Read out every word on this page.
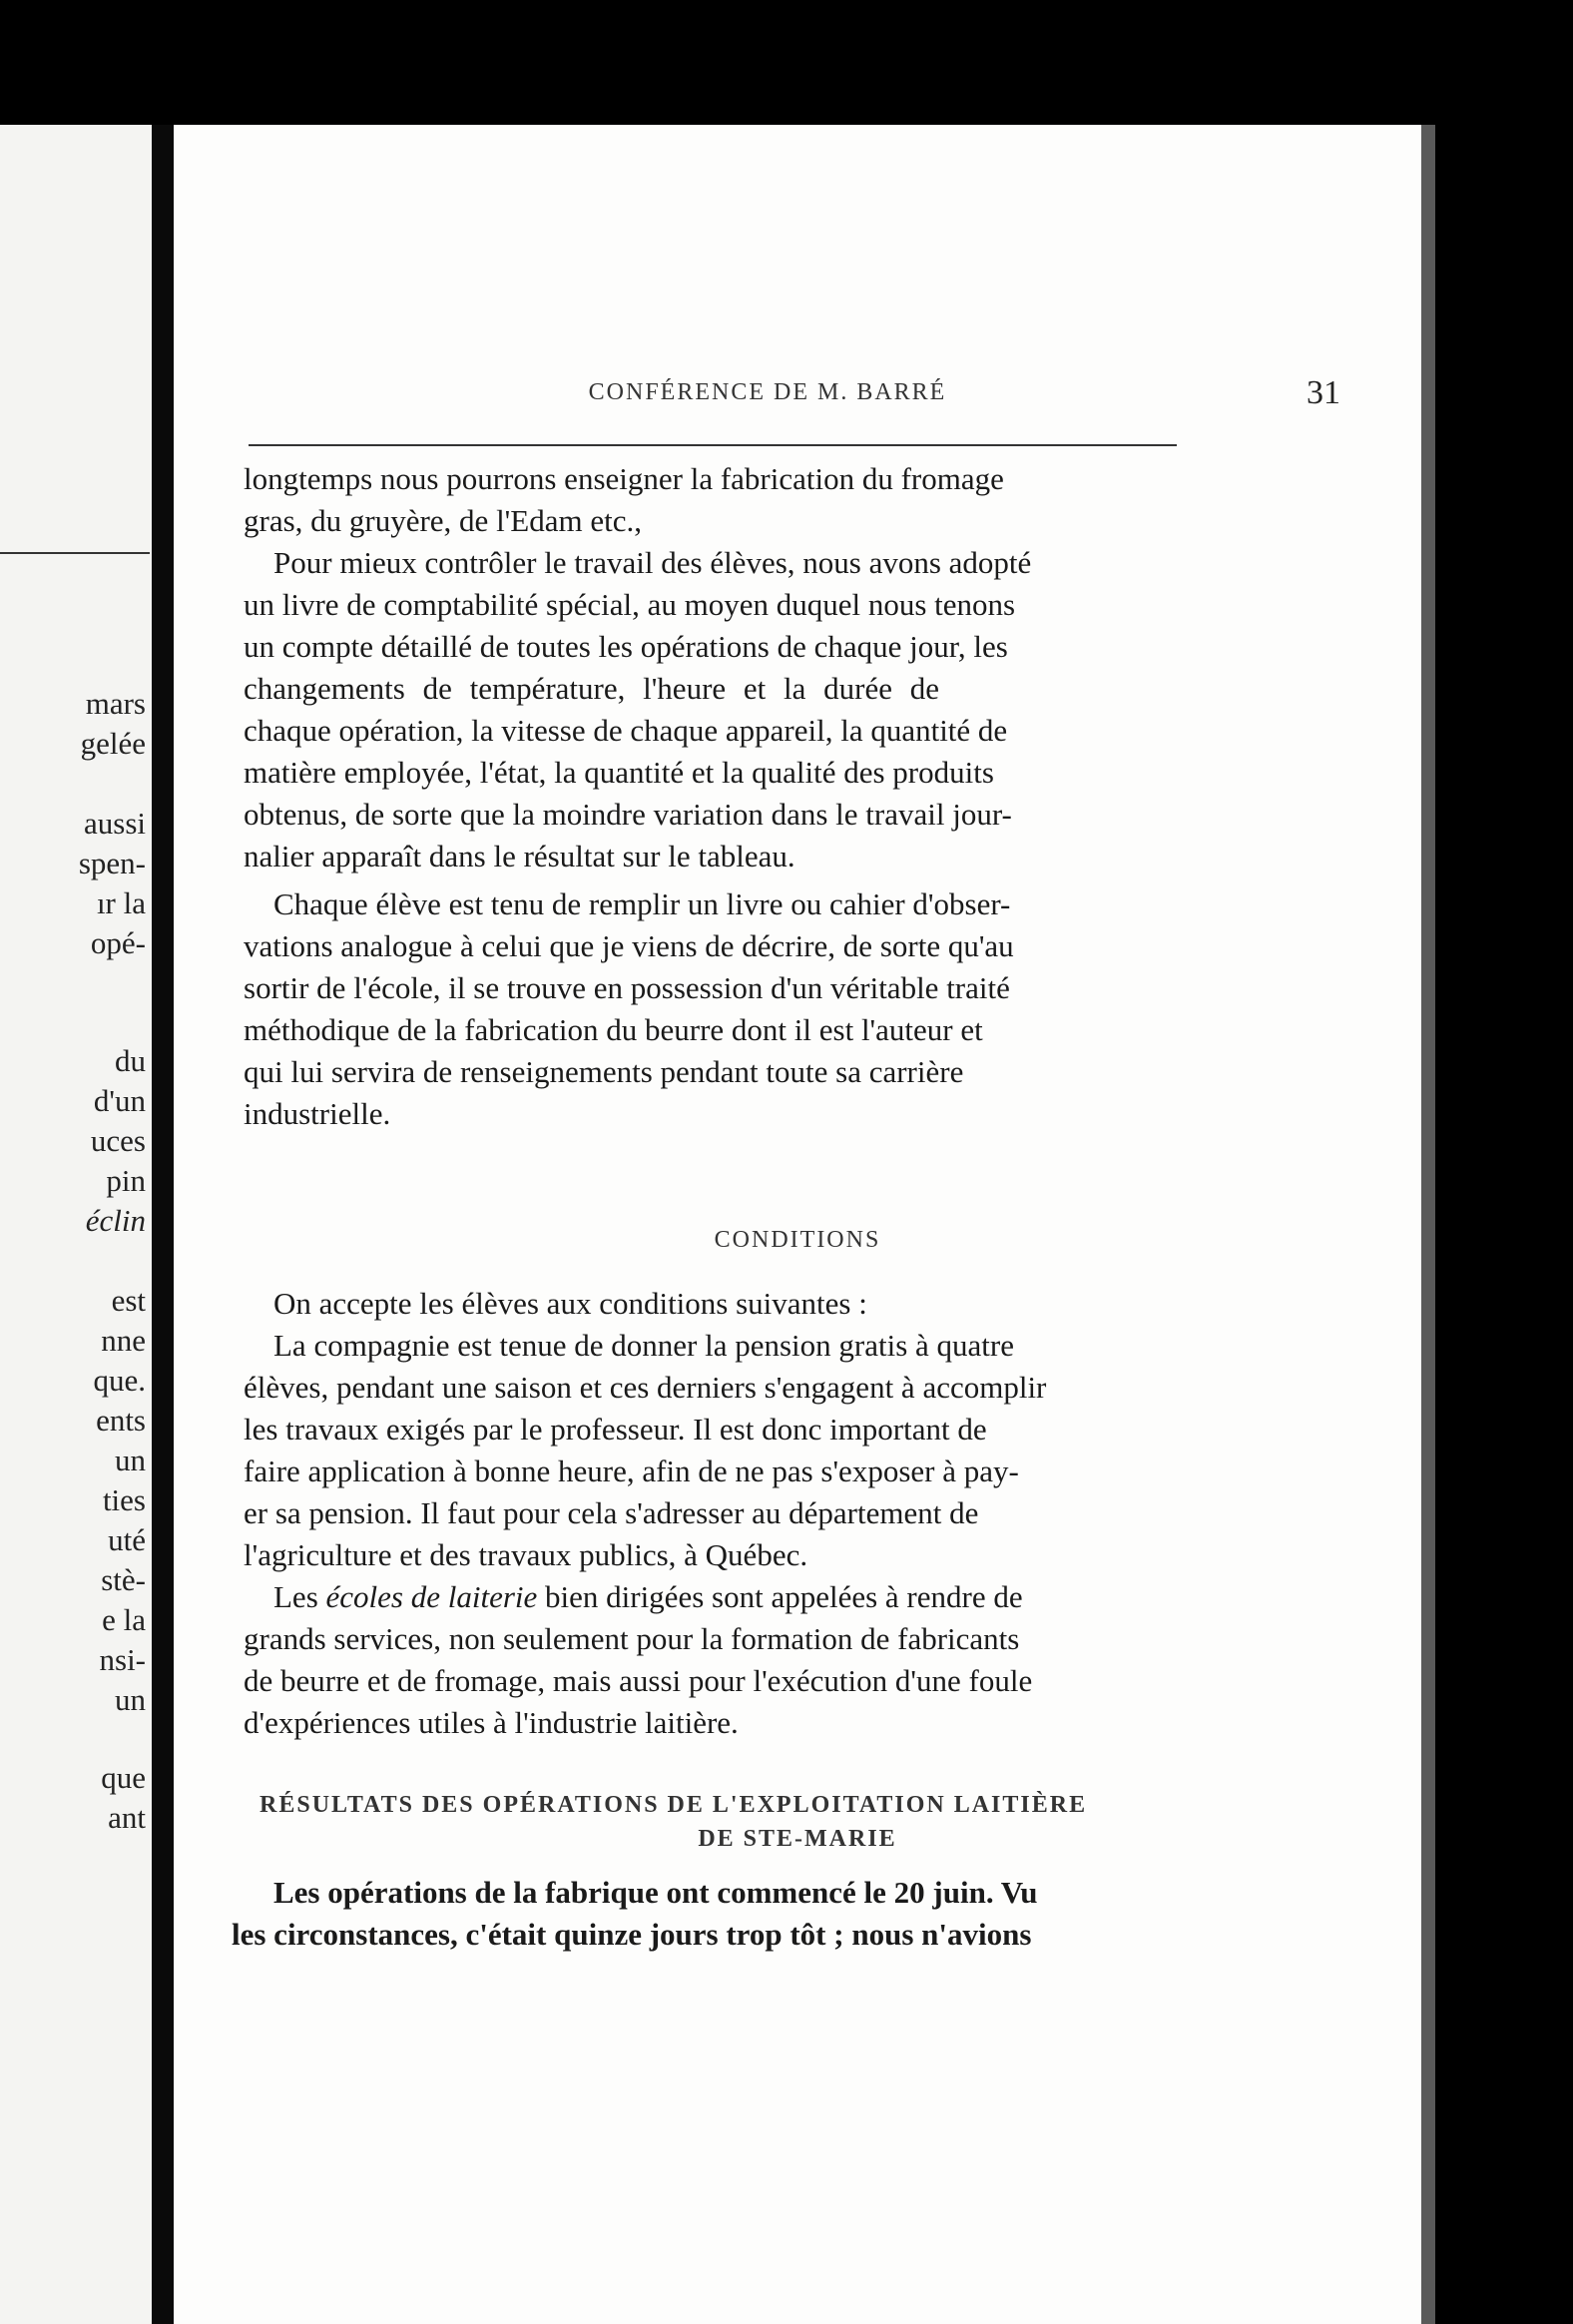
mars
gelée
aussi
spen-
ır la
opé-
du
d'un
uces
pin
éclin
est
nne
que.
ents
un
ties
uté
stè-
e la
nsi-
un
que
ant
CONFÉRENCE DE M. BARRÉ	31
longtemps nous pourrons enseigner la fabrication du fromage
gras, du gruyère, de l'Edam etc.,
Pour mieux contrôler le travail des élèves, nous avons adopté
un livre de comptabilité spécial, au moyen duquel nous tenons
un compte détaillé de toutes les opérations de chaque jour, les
changements de température, l'heure et la durée de
chaque opération, la vitesse de chaque appareil, la quantité de
matière employée, l'état, la quantité et la qualité des produits
obtenus, de sorte que la moindre variation dans le travail jour-
nalier apparaît dans le résultat sur le tableau.
Chaque élève est tenu de remplir un livre ou cahier d'obser-
vations analogue à celui que je viens de décrire, de sorte qu'au
sortir de l'école, il se trouve en possession d'un véritable traité
méthodique de la fabrication du beurre dont il est l'auteur et
qui lui servira de renseignements pendant toute sa carrière
industrielle.
CONDITIONS
On accepte les élèves aux conditions suivantes :
La compagnie est tenue de donner la pension gratis à quatre
élèves, pendant une saison et ces derniers s'engagent à accomplir
les travaux exigés par le professeur. Il est donc important de
faire application à bonne heure, afin de ne pas s'exposer à pay-
er sa pension. Il faut pour cela s'adresser au département de
l'agriculture et des travaux publics, à Québec.
Les écoles de laiterie bien dirigées sont appelées à rendre de
grands services, non seulement pour la formation de fabricants
de beurre et de fromage, mais aussi pour l'exécution d'une foule
d'expériences utiles à l'industrie laitière.
RÉSULTATS DES OPÉRATIONS DE L'EXPLOITATION LAITIÈRE
DE STE-MARIE
Les opérations de la fabrique ont commencé le 20 juin. Vu
les circonstances, c'était quinze jours trop tôt ; nous n'avions
